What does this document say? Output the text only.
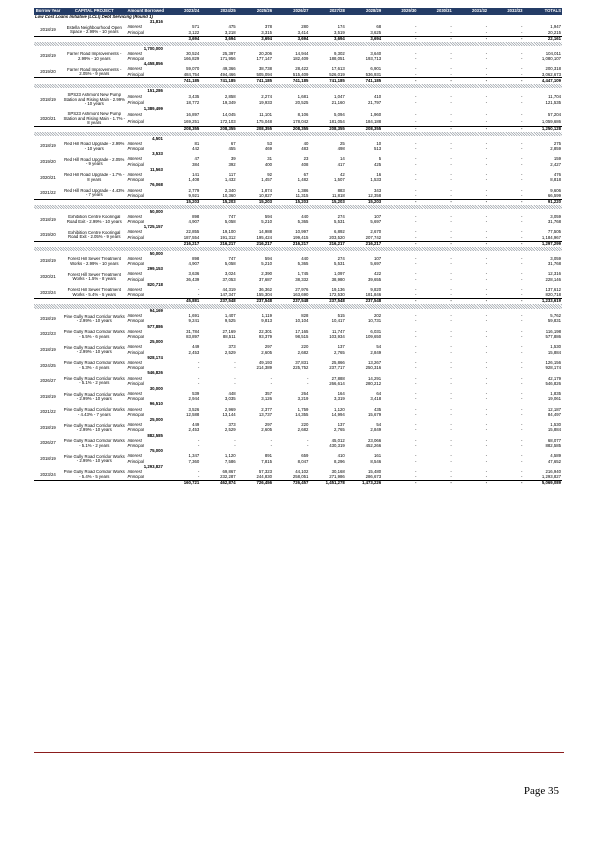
Borrow Year	CAPITAL PROJECT	Amount Borrowed	2023/24	2024/25	2025/26	2026/27	2027/28	2028/29	2029/30	2030/31	2031/32	2032/33	TOTALS
Low Cost Loans Initiative (LCLI) Debt Servicing (Round 1)													
		31,816											
2018/19	Estella Neighbourhood Open Space - 2.99% - 10 years	Interest	571	475	378	280	174	68	-	-	-	-	1,947
		Principal	3,122	3,218	3,315	3,414	3,519	3,625	-	-	-	-	20,215
			3,694	3,694	3,694	3,694	3,694	3,694	-	-	-	-	22,161

		1,700,000											
2018/19	Farrer Road Improvements - 2.99% - 10 years	Interest	30,524	25,397	20,206	14,944	9,302	3,640	-	-	-	-	104,011
		Principal	166,829	171,956	177,147	182,409	188,051	193,713	-	-	-	-	1,080,107
		4,458,856											
2019/20	Farrer Road Improvements - 2.05% - 9 years	Interest	59,070	49,366	38,738	28,422	17,613	6,901	-	-	-	-	200,318
		Principal	484,754	494,466	505,094	515,409	526,019	536,931	-	-	-	-	3,062,673
			741,185	741,185	741,185	741,185	741,185	741,185	-	-	-	-	4,447,109

		151,286											
2018/19	SPS23 Ashmont New Pump Station and Rising Main - 2.99% - 10 years	Interest	3,435	2,858	2,274	1,681	1,047	410	-	-	-	-	11,704
		Principal	18,772	19,349	19,933	20,525	21,160	21,797	-	-	-	-	121,535
		1,389,499											
2020/21	SPS23 Ashmont New Pump Station and Rising Main - 1.7% - 8 years	Interest	16,897	14,045	11,101	8,106	5,094	1,960	-	-	-	-	57,204
		Principal	169,251	172,103	175,048	178,042	181,054	184,188	-	-	-	-	1,059,686
			208,355	208,355	208,355	208,355	208,355	208,355	-	-	-	-	1,250,128

		4,501											
2018/19	Red Hill Road Upgrade - 2.99% - 10 years	Interest	81	67	53	40	25	10	-	-	-	-	275
		Principal	442	455	469	483	498	513	-	-	-	-	2,859
		3,533											
2019/20	Red Hill Road Upgrade - 2.05% - 9 years	Interest	47	39	31	23	14	5	-	-	-	-	159
		Principal	384	392	400	408	417	425	-	-	-	-	2,427
		11,563											
2020/21	Red Hill Road Upgrade - 1.7% - 8 years	Interest	141	117	92	67	42	16	-	-	-	-	476
		Principal	1,408	1,432	1,457	1,482	1,507	1,533	-	-	-	-	8,818
		76,068											
2021/22	Red Hill Road Upgrade - 4.43% - 7 years	Interest	2,779	2,340	1,874	1,386	883	343	-	-	-	-	9,606
		Principal	9,921	10,360	10,827	11,315	11,818	12,358	-	-	-	-	66,599
			15,203	15,203	15,203	15,203	15,203	15,203	-	-	-	-	91,220

		50,000											
2018/19	Exhibition Centre Kooringal Road Exit - 2.99% - 10 years	Interest	898	747	594	440	274	107	-	-	-	-	3,059
		Principal	4,907	5,058	5,210	5,365	5,531	5,697	-	-	-	-	31,768
		1,725,157											
2019/20	Exhibition Centre Kooringal Road Exit - 2.05% - 9 years	Interest	22,855	19,100	14,988	10,997	6,892	2,670	-	-	-	-	77,505
		Principal	187,554	191,312	195,424	199,415	203,520	207,742	-	-	-	-	1,184,967
			216,217	216,217	216,217	216,217	216,217	216,217	-	-	-	-	1,297,299

		50,000											
2018/19	Forest Hill Sewer Treatment Works - 2.99% - 10 years	Interest	898	747	594	440	274	107	-	-	-	-	3,059
		Principal	4,907	5,058	5,210	5,365	5,531	5,697	-	-	-	-	31,768
		299,153											
2020/21	Forest Hill Sewer Treatment Works - 1.5% - 8 years	Interest	3,636	3,024	2,390	1,745	1,097	422	-	-	-	-	12,316
		Principal	36,439	37,053	37,687	38,332	38,980	39,655	-	-	-	-	228,146
		820,718											
2023/24	Forest Hill Sewer Treatment Works - 5.4% - 5 years	Interest	-	44,319	36,362	27,976	19,136	9,820	-	-	-	-	137,612
		Principal	-	147,347	155,304	163,690	172,530	181,846	-	-	-	-	820,718
			45,881	237,548	237,548	237,548	237,548	237,548	-	-	-	-	1,233,619

		94,169											
2018/19	Pine Gully Road Corridor Works - 2.99% - 10 years	Interest	1,691	1,407	1,119	828	515	202	-	-	-	-	5,762
		Principal	9,241	9,525	9,813	10,104	10,417	10,731	-	-	-	-	59,831
		577,886											
2022/23	Pine Gully Road Corridor Works - 5.5% - 6 years	Interest	31,784	27,169	22,301	17,165	11,747	6,031	-	-	-	-	116,198
		Principal	83,897	88,511	93,379	98,515	103,934	109,650	-	-	-	-	577,886
		25,000											
2018/19	Pine Gully Road Corridor Works - 2.99% - 10 years	Interest	449	373	297	220	137	54	-	-	-	-	1,530
		Principal	2,453	2,529	2,605	2,682	2,765	2,849	-	-	-	-	15,884
		928,174											
2024/25	Pine Gully Road Corridor Works - 5.3% - 4 years	Interest	-	-	49,193	37,831	25,866	13,267	-	-	-	-	126,156
		Principal	-	-	214,389	225,752	237,717	250,316	-	-	-	-	928,174
		546,826											
2026/27	Pine Gully Road Corridor Works - 5.1% - 2 years	Interest	-	-	-	-	27,888	14,291	-	-	-	-	42,179
		Principal	-	-	-	-	266,614	280,212	-	-	-	-	546,826
		30,000											
2018/19	Pine Gully Road Corridor Works - 2.99% - 10 years	Interest	539	448	357	264	164	64	-	-	-	-	1,835
		Principal	2,944	3,035	3,126	3,219	3,319	3,418	-	-	-	-	19,061
		96,510											
2021/22	Pine Gully Road Corridor Works - 4.43% - 7 years	Interest	3,526	2,969	2,377	1,759	1,120	435	-	-	-	-	12,187
		Principal	12,588	13,144	13,737	14,355	14,994	15,679	-	-	-	-	84,497
		25,000											
2018/19	Pine Gully Road Corridor Works - 2.99% - 10 years	Interest	449	373	297	220	137	54	-	-	-	-	1,530
		Principal	2,453	2,529	2,605	2,682	2,765	2,849	-	-	-	-	15,884
		882,585											
2026/27	Pine Gully Road Corridor Works - 5.1% - 2 years	Interest	-	-	-	-	45,012	23,066	-	-	-	-	68,077
		Principal	-	-	-	-	430,319	452,266	-	-	-	-	882,585
		75,000											
2018/19	Pine Gully Road Corridor Works - 2.99% - 10 years	Interest	1,347	1,120	891	659	410	161	-	-	-	-	4,589
		Principal	7,360	7,586	7,815	8,047	8,296	8,546	-	-	-	-	47,652
		1,293,827											
2023/24	Pine Gully Road Corridor Works - 5.4% - 5 years	Interest	-	69,867	57,323	44,102	30,168	15,480	-	-	-	-	216,940
		Principal	-	232,287	244,830	258,051	271,986	286,673	-	-	-	-	1,293,827
			160,721	462,874	726,456	726,457	1,451,278	1,473,226	-	-	-	-	5,069,089
Page 35
